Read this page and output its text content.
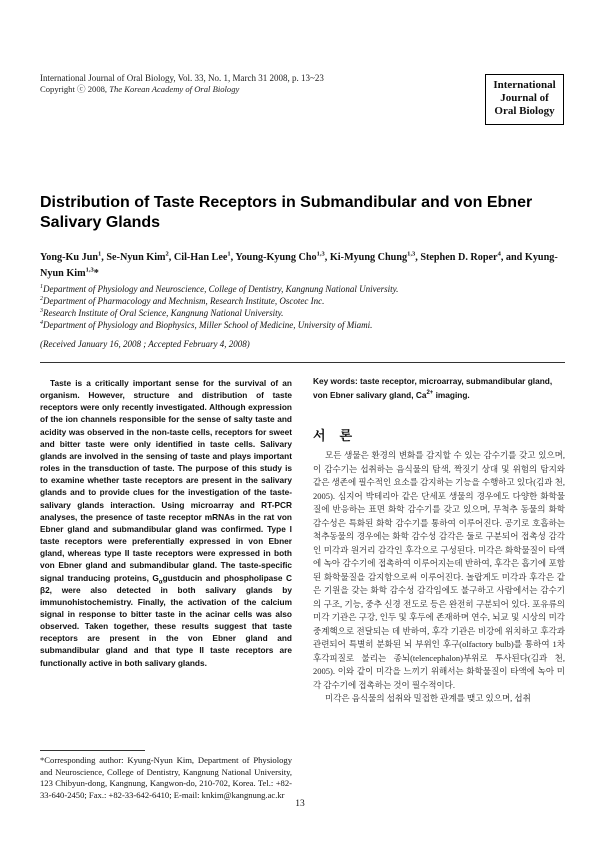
International Journal of Oral Biology, Vol. 33, No. 1, March 31 2008, p. 13~23
Copyright ⓒ 2008, The Korean Academy of Oral Biology	International
Journal of
Oral Biology
Distribution of Taste Receptors in Submandibular and von Ebner Salivary Glands
Yong-Ku Jun$^1$, Se-Nyun Kim$^2$, Cil-Han Lee$^1$, Young-Kyung Cho$^{1,3}$, Ki-Myung Chung$^{1,3}$, Stephen D. Roper$^4$, and Kyung-Nyun Kim$^{1,3}$*
$^1$Department of Physiology and Neuroscience, College of Dentistry, Kangnung National University.
$^2$Department of Pharmacology and Mechnism, Research Institute, Oscotec Inc.
$^3$Research Institute of Oral Science, Kangnung National University.
$^4$Department of Physiology and Biophysics, Miller School of Medicine, University of Miami.
(Received January 16, 2008 ; Accepted February 4, 2008)

Taste is a critically important sense for the survival of an organism. However, structure and distribution of taste receptors were only recently investigated. Although expression of the ion channels responsible for the sense of salty taste and acidity was observed in the non-taste cells, receptors for sweet and bitter taste were only identified in taste cells. Salivary glands are involved in the sensing of taste and plays important roles in the transduction of taste. The purpose of this study is to examine whether taste receptors are present in the salivary glands and to provide clues for the investigation of the taste-salivary glands interaction. Using microarray and RT-PCR analyses, the presence of taste receptor mRNAs in the rat von Ebner gland and submandibular gland was confirmed. Type I taste receptors were preferentially expressed in von Ebner gland, whereas type II taste receptors were expressed in both von Ebner gland and submandibular gland. The taste-specific signal tranducing proteins, $G_\alpha gustducin$ and phospholipase C β2, were also detected in both salivary glands by immunohistochemistry. Finally, the activation of the calcium signal in response to bitter taste in the acinar cells was also observed. Taken together, these results suggest that taste receptors are present in the von Ebner gland and submandibular gland and that type II taste receptors are functionally active in both salivary glands.

*Corresponding author: Kyung-Nyun Kim, Department of Physiology and Neuroscience, College of Dentistry, Kangnung National University, 123 Chibyun-dong, Kangnung, Kangwon-do, 210-702, Korea. Tel.: +82-33-640-2450; Fax.: +82-33-642-6410; E-mail: knkim@kangnung.ac.kr
Key words: taste receptor, microarray, submandibular gland, von Ebner salivary gland, $Ca^{2+}$ imaging.
서론

모든 생물은 환경의 변화를 감지할 수 있는 감수기를 갖고 있으며, 이 감수기는 섭취하는 음식물의 탐색, 짝짓기 상대 및 위험의 탐지와 같은 생존에 필수적인 요소를 감지하는 기능을 수행하고 있다(김과 천, 2005). 심지어 박테리아 같은 단세포 생물의 경우에도 다양한 화학물질에 반응하는 표면 화학 감수기를 갖고 있으며, 무척추 동물의 화학 감수성은 특화된 화학 감수기를 통하여 이루어진다. 공기로 호흡하는 척추동물의 경우에는 화학 감수성 감각은 둘로 구분되어 접촉성 감각인 미각과 원거리 감각인 후각으로 구성된다. 미각은 화학물질이 타액에 녹아 감수기에 접촉하여 이루어지는데 반하여, 후각은 흡기에 포함된 화학물질을 감지함으로써 이루어진다. 놀랍게도 미각과 후각은 같은 기원을 갖는 화학 감수성 감각임에도 불구하고 사람에서는 감수기의 구조, 기능, 중추 신경 전도로 등은 완전히 구분되어 있다. 포유류의 미각 기관은 구강, 인두 및 후두에 존재하며 연수, 뇌교 및 시상의 미각 중계핵으로 전달되는 데 반하여, 후각 기관은 비강에 위치하고 후각과 관련되어 특별히 분화된 뇌 부위인 후구(olfactory bulb)를 통하여 1차 후각피질로 불리는 종뇌(telencephalon)부위로 투사된다(김과 천, 2005). 이와 같이 미각을 느끼기 위해서는 화학물질이 타액에 녹아 미각 감수기에 접촉하는 것이 필수적이다.

미각은 음식물의 섭취와 밀접한 관계를 맺고 있으며, 섭취

13
